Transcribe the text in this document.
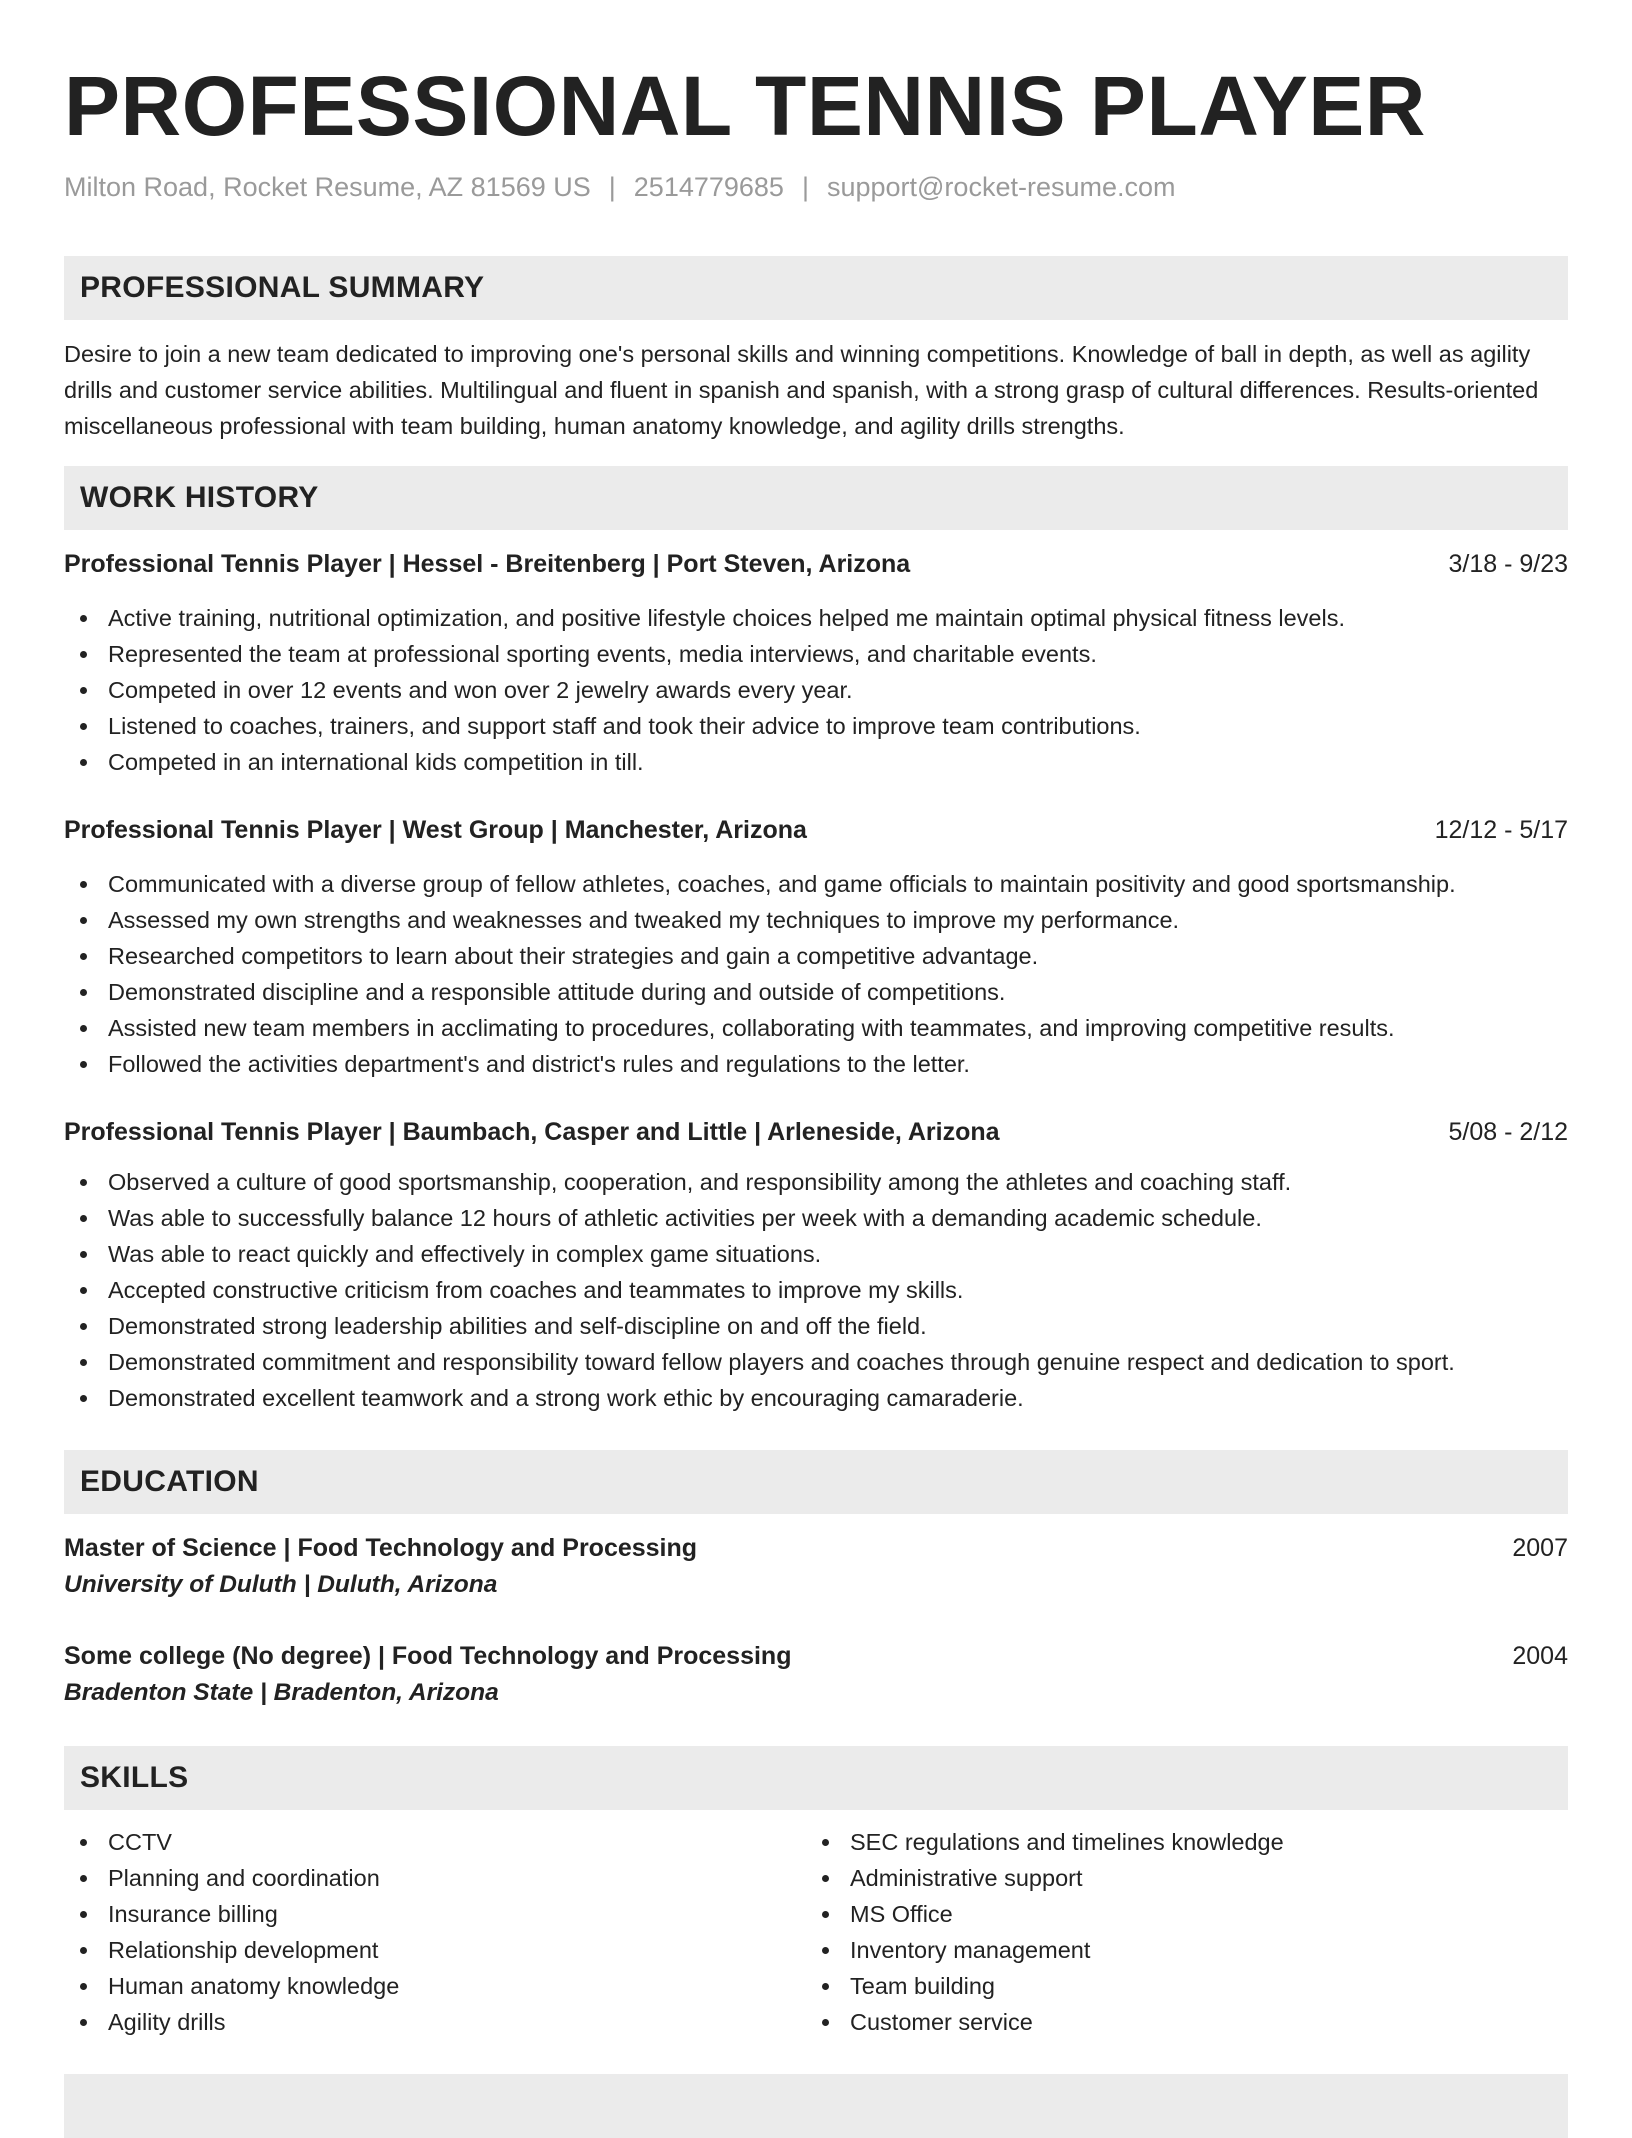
PROFESSIONAL TENNIS PLAYER
Milton Road, Rocket Resume, AZ 81569 US | 2514779685 | support@rocket-resume.com
PROFESSIONAL SUMMARY

Desire to join a new team dedicated to improving one's personal skills and winning competitions. Knowledge of ball in depth, as well as agility drills and customer service abilities. Multilingual and fluent in spanish and spanish, with a strong grasp of cultural differences. Results-oriented miscellaneous professional with team building, human anatomy knowledge, and agility drills strengths.

WORK HISTORY
Professional Tennis Player | Hessel - Breitenberg | Port Steven, Arizona	3/18 - 9/23
Active training, nutritional optimization, and positive lifestyle choices helped me maintain optimal physical fitness levels.
Represented the team at professional sporting events, media interviews, and charitable events.
Competed in over 12 events and won over 2 jewelry awards every year.
Listened to coaches, trainers, and support staff and took their advice to improve team contributions.
Competed in an international kids competition in till.
Professional Tennis Player | West Group | Manchester, Arizona	12/12 - 5/17
Communicated with a diverse group of fellow athletes, coaches, and game officials to maintain positivity and good sportsmanship.
Assessed my own strengths and weaknesses and tweaked my techniques to improve my performance.
Researched competitors to learn about their strategies and gain a competitive advantage.
Demonstrated discipline and a responsible attitude during and outside of competitions.
Assisted new team members in acclimating to procedures, collaborating with teammates, and improving competitive results.
Followed the activities department's and district's rules and regulations to the letter.
Professional Tennis Player | Baumbach, Casper and Little | Arleneside, Arizona	5/08 - 2/12
Observed a culture of good sportsmanship, cooperation, and responsibility among the athletes and coaching staff.
Was able to successfully balance 12 hours of athletic activities per week with a demanding academic schedule.
Was able to react quickly and effectively in complex game situations.
Accepted constructive criticism from coaches and teammates to improve my skills.
Demonstrated strong leadership abilities and self-discipline on and off the field.
Demonstrated commitment and responsibility toward fellow players and coaches through genuine respect and dedication to sport.
Demonstrated excellent teamwork and a strong work ethic by encouraging camaraderie.
EDUCATION
Master of Science | Food Technology and Processing	2007
University of Duluth | Duluth, Arizona
Some college (No degree) | Food Technology and Processing	2004
Bradenton State | Bradenton, Arizona
SKILLS
CCTV
Planning and coordination
Insurance billing
Relationship development
Human anatomy knowledge
Agility drills
SEC regulations and timelines knowledge
Administrative support
MS Office
Inventory management
Team building
Customer service
